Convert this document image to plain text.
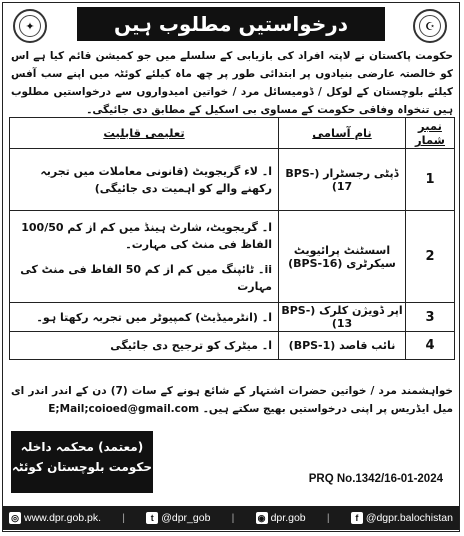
✦	درخواستیں مطلوب ہیں	☪
حکومت پاکستان نے لاپتہ افراد کی بازیابی کے سلسلے میں جو کمیشن قائم کیا ہے اس کو خالصتہ عارضی بنیادوں پر ابتدائی طور پر چھ ماہ کیلئے کوئٹہ میں اپنے سب آفس کیلئے بلوچستان کے لوکل / ڈومیسائل مرد / خواتین امیدواروں سے درخواستیں مطلوب ہیں تنخواہ وفاقی حکومت کے مساوی بی اسکیل کے مطابق دی جائیگی۔
نمبر شمار	نام آسامی	تعلیمی قابلیت
1	ڈپٹی رجسٹرار (BPS-17)	ا۔ لاء گریجویٹ (قانونی معاملات میں تجربہ رکھنے والے کو اہمیت دی جائیگی)

2	اسسٹنٹ پرائیویٹ سیکرٹری (BPS-16)	ا۔ گریجویٹ، شارٹ ہینڈ میں کم از کم 100/50 الفاظ فی منٹ کی مہارت۔
ii۔ ٹائپنگ میں کم از کم 50 الفاظ فی منٹ کی مہارت

3	اپر ڈویژن کلرک (BPS-13)	ا۔ (انٹرمیڈیٹ) کمپیوٹر میں تجربہ رکھتا ہو۔

4	نائب قاصد (BPS-1)	ا۔ میٹرک کو ترجیح دی جائیگی
خواہشمند مرد / خواتین حضرات اشتہار کے شائع ہونے کے سات (7) دن کے اندر اندر ای میل ایڈریس پر اپنی درخواستیں بھیج سکتے ہیں۔ E;Mail;coioed@gmail.com
(معتمد) محکمہ داخلہ
حکومت بلوچستان کوئٹہ
PRQ No.1342/16-01-2024
◎ www.dpr.gob.pk. |	t @dpr_gob |	◉ dpr.gob |	f @dgpr.balochistan
